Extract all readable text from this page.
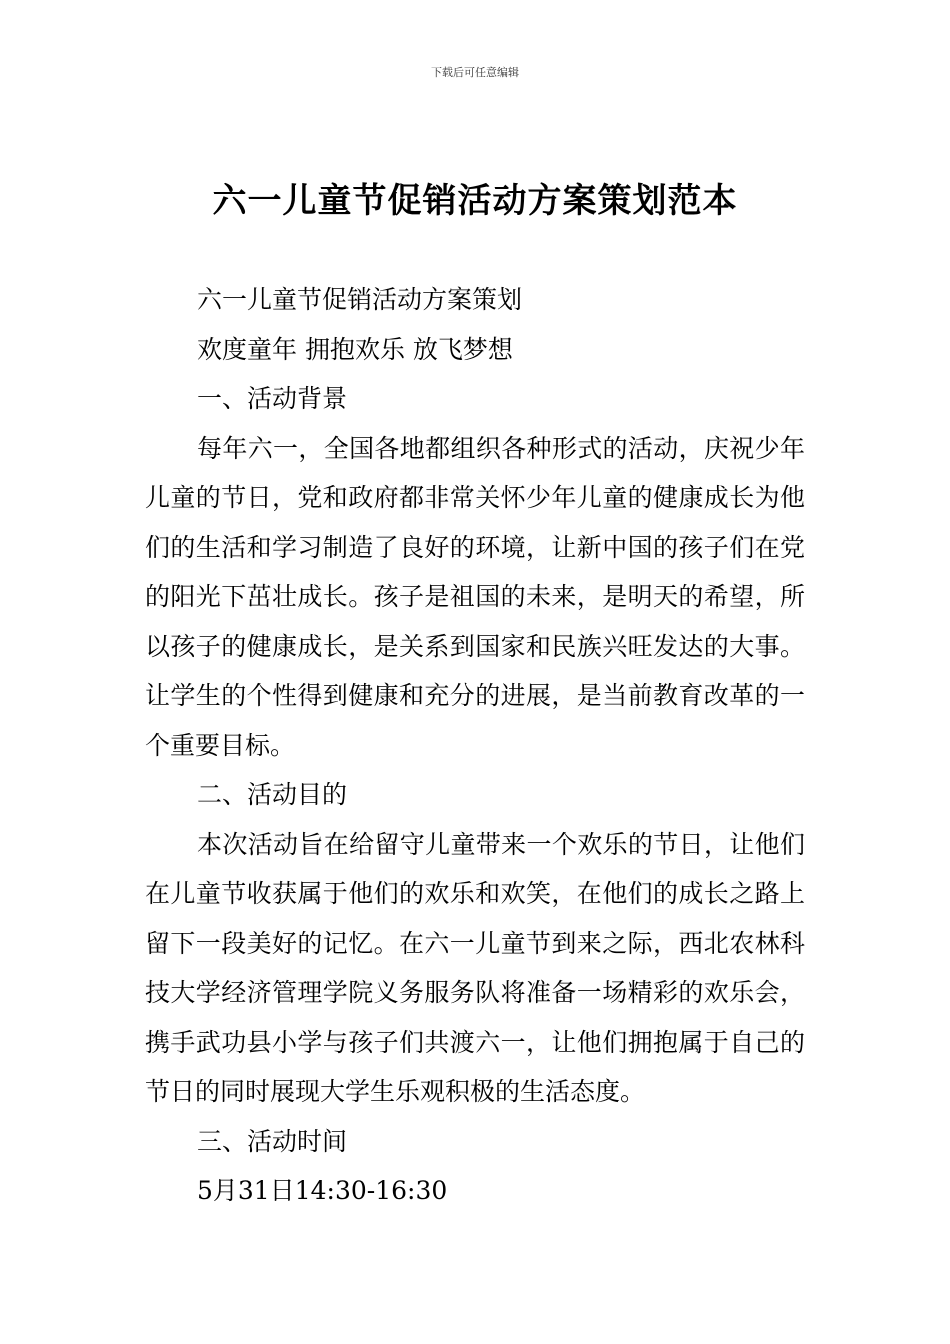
下载后可任意编辑
六一儿童节促销活动方案策划范本

六一儿童节促销活动方案策划

欢度童年 拥抱欢乐 放飞梦想

一、活动背景

每年六一，全国各地都组织各种形式的活动，庆祝少年儿童的节日，党和政府都非常关怀少年儿童的健康成长为他们的生活和学习制造了良好的环境，让新中国的孩子们在党的阳光下茁壮成长。孩子是祖国的未来，是明天的希望，所以孩子的健康成长，是关系到国家和民族兴旺发达的大事。让学生的个性得到健康和充分的进展，是当前教育改革的一个重要目标。

二、活动目的

本次活动旨在给留守儿童带来一个欢乐的节日，让他们在儿童节收获属于他们的欢乐和欢笑，在他们的成长之路上留下一段美好的记忆。在六一儿童节到来之际，西北农林科技大学经济管理学院义务服务队将准备一场精彩的欢乐会，携手武功县小学与孩子们共渡六一，让他们拥抱属于自己的节日的同时展现大学生乐观积极的生活态度。

三、活动时间

5月31日14:30-16:30
